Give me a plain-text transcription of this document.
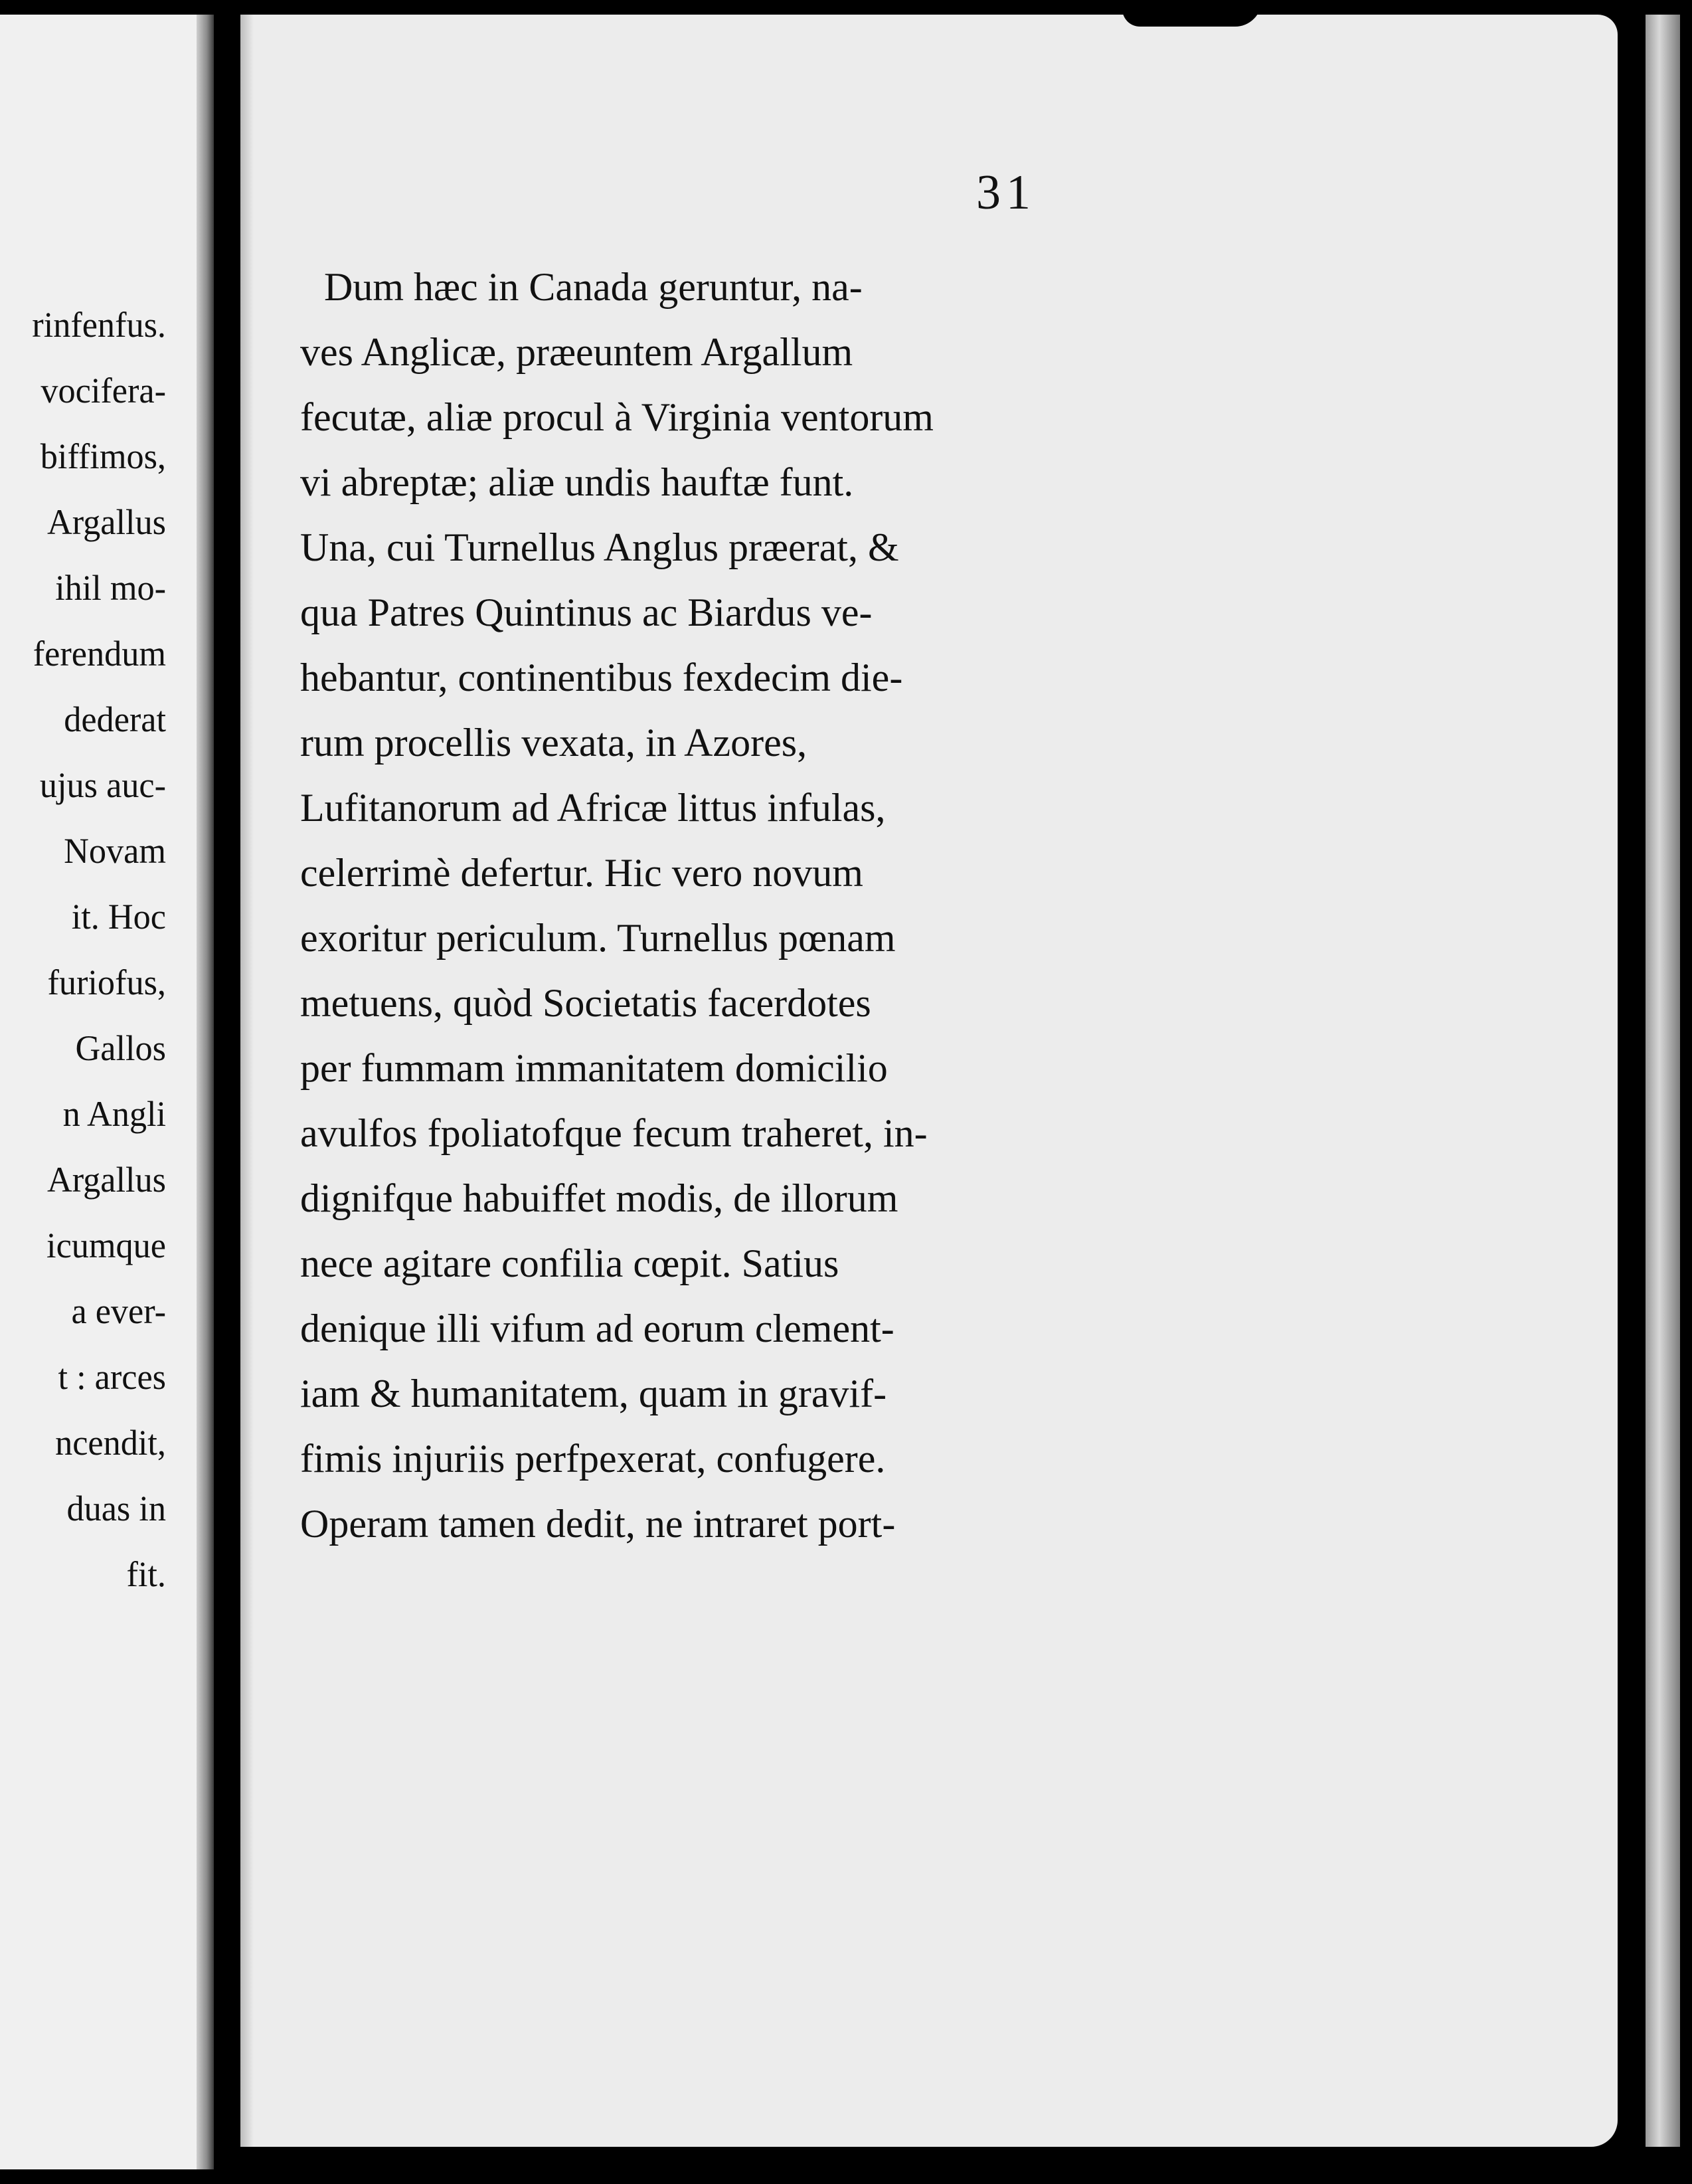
rinfenfus.
vocifera-
biffimos,
Argallus
ihil mo-
ferendum
dederat
ujus auc-
Novam
it. Hoc
furiofus,
Gallos
n Angli
Argallus
icumque
a ever-
t : arces
ncendit,
duas in
fit.
31
Dum hæc in Canada geruntur, na-
ves Anglicæ, præeuntem Argallum
fecutæ, aliæ procul à Virginia ventorum
vi abreptæ; aliæ undis hauftæ funt.
Una, cui Turnellus Anglus præerat, &
qua Patres Quintinus ac Biardus ve-
hebantur, continentibus fexdecim die-
rum procellis vexata, in Azores,
Lufitanorum ad Africæ littus infulas,
celerrimè defertur. Hic vero novum
exoritur periculum. Turnellus pœnam
metuens, quòd Societatis facerdotes
per fummam immanitatem domicilio
avulfos fpoliatofque fecum traheret, in-
dignifque habuiffet modis, de illorum
nece agitare confilia cœpit. Satius
denique illi vifum ad eorum clement-
iam & humanitatem, quam in gravif-
fimis injuriis perfpexerat, confugere.
Operam tamen dedit, ne intraret port-
